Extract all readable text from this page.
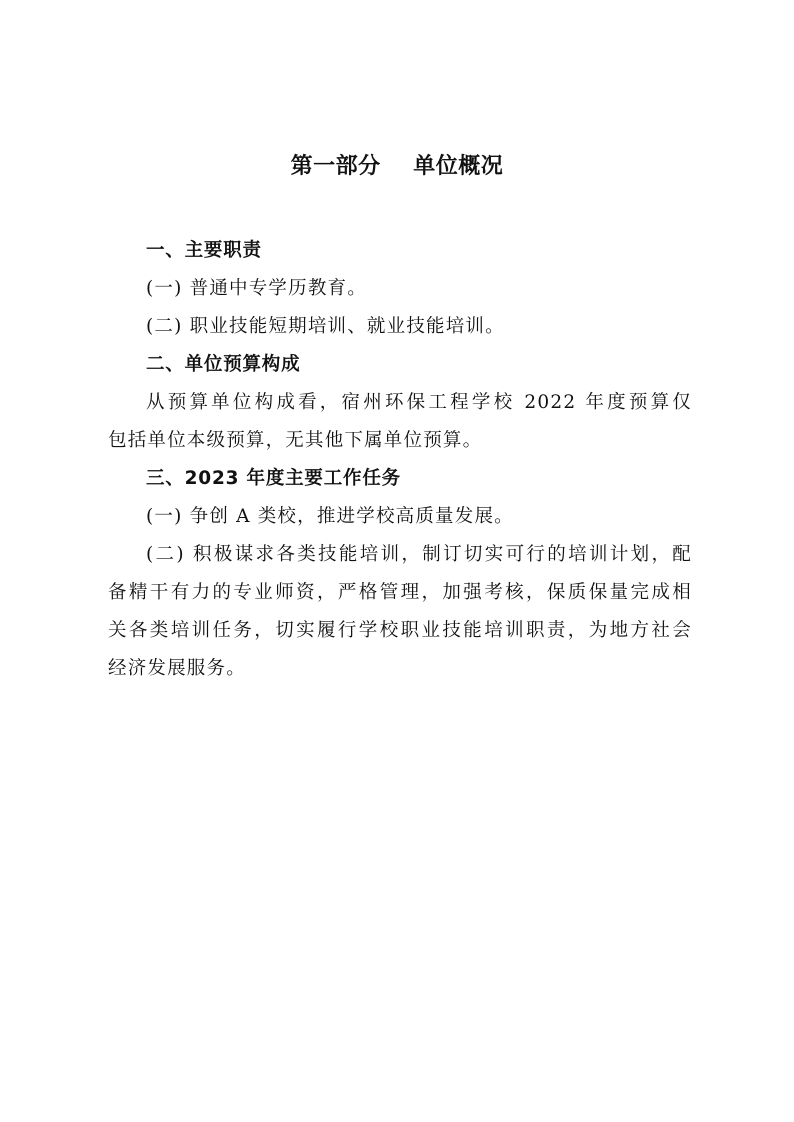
第一部分    单位概况
一、主要职责
(一) 普通中专学历教育。
(二) 职业技能短期培训、就业技能培训。
二、单位预算构成
从预算单位构成看，宿州环保工程学校 2022 年度预算仅
包括单位本级预算，无其他下属单位预算。
三、2023 年度主要工作任务
(一) 争创 A 类校，推进学校高质量发展。
(二) 积极谋求各类技能培训，制订切实可行的培训计划，配
备精干有力的专业师资，严格管理，加强考核，保质保量完成相
关各类培训任务，切实履行学校职业技能培训职责，为地方社会
经济发展服务。
